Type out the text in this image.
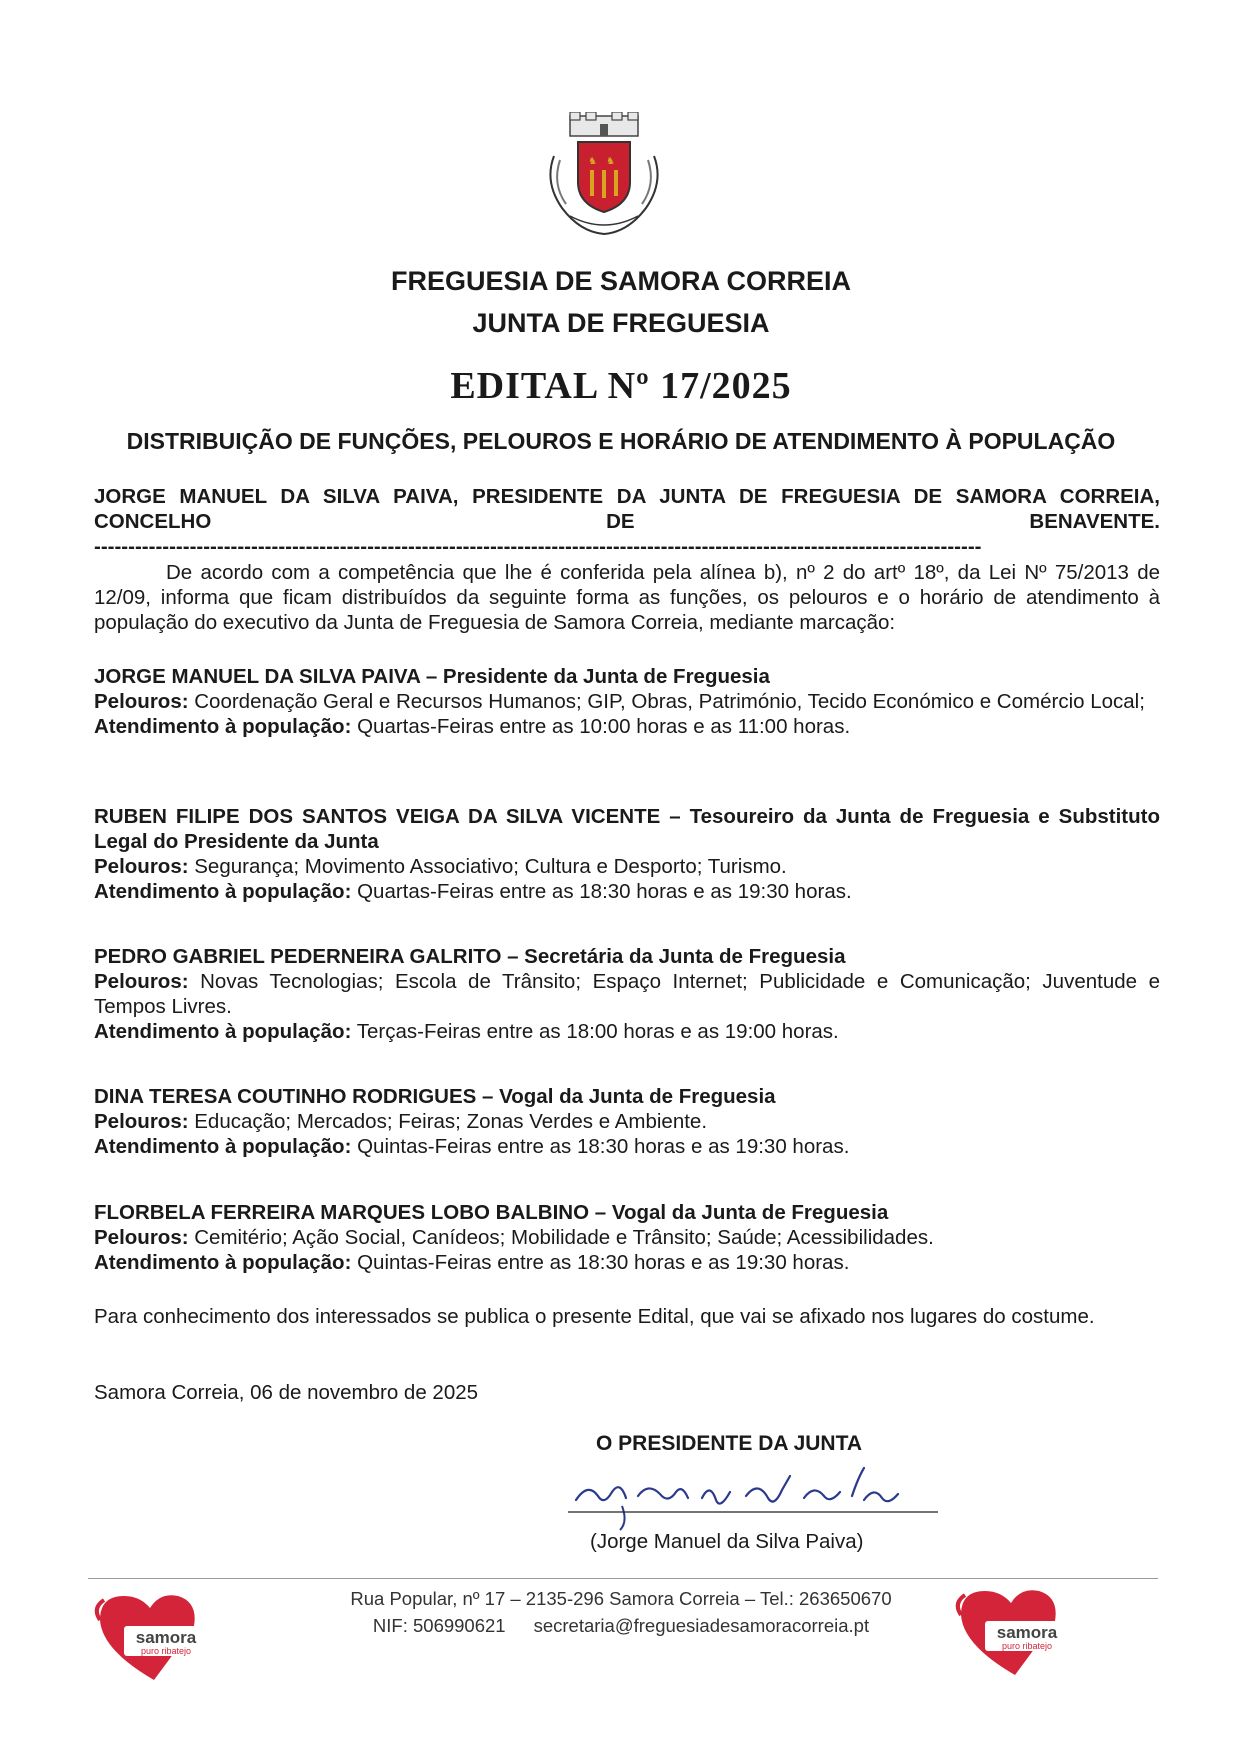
♞ ♞
FREGUESIA DE SAMORA CORREIA
JUNTA DE FREGUESIA
EDITAL Nº 17/2025
DISTRIBUIÇÃO DE FUNÇÕES, PELOUROS E HORÁRIO DE ATENDIMENTO À POPULAÇÃO
JORGE MANUEL DA SILVA PAIVA, PRESIDENTE DA JUNTA DE FREGUESIA DE SAMORA CORREIA, CONCELHO DE BENAVENTE. ----------------------------------------------------------------------------------------------------------------------------------
De acordo com a competência que lhe é conferida pela alínea b), nº 2 do artº 18º, da Lei Nº 75/2013 de 12/09, informa que ficam distribuídos da seguinte forma as funções, os pelouros e o horário de atendimento à população do executivo da Junta de Freguesia de Samora Correia, mediante marcação:
JORGE MANUEL DA SILVA PAIVA – Presidente da Junta de Freguesia
Pelouros: Coordenação Geral e Recursos Humanos; GIP, Obras, Património, Tecido Económico e Comércio Local;
Atendimento à população: Quartas-Feiras entre as 10:00 horas e as 11:00 horas.
RUBEN FILIPE DOS SANTOS VEIGA DA SILVA VICENTE – Tesoureiro da Junta de Freguesia e Substituto Legal do Presidente da Junta
Pelouros: Segurança; Movimento Associativo; Cultura e Desporto; Turismo.
Atendimento à população: Quartas-Feiras entre as 18:30 horas e as 19:30 horas.
PEDRO GABRIEL PEDERNEIRA GALRITO – Secretária da Junta de Freguesia
Pelouros: Novas Tecnologias; Escola de Trânsito; Espaço Internet; Publicidade e Comunicação; Juventude e Tempos Livres.
Atendimento à população: Terças-Feiras entre as 18:00 horas e as 19:00 horas.
DINA TERESA COUTINHO RODRIGUES – Vogal da Junta de Freguesia
Pelouros: Educação; Mercados; Feiras; Zonas Verdes e Ambiente.
Atendimento à população: Quintas-Feiras entre as 18:30 horas e as 19:30 horas.
FLORBELA FERREIRA MARQUES LOBO BALBINO – Vogal da Junta de Freguesia
Pelouros: Cemitério; Ação Social, Canídeos; Mobilidade e Trânsito; Saúde; Acessibilidades.
Atendimento à população: Quintas-Feiras entre as 18:30 horas e as 19:30 horas.
Para conhecimento dos interessados se publica o presente Edital, que vai se afixado nos lugares do costume.
Samora Correia, 06 de novembro de 2025
O PRESIDENTE DA JUNTA
(Jorge Manuel da Silva Paiva)
samora
puro ribatejo
Rua Popular, nº 17 – 2135-296 Samora Correia – Tel.: 263650670
NIF: 506990621 secretaria@freguesiadesamoracorreia.pt	samora
puro ribatejo
